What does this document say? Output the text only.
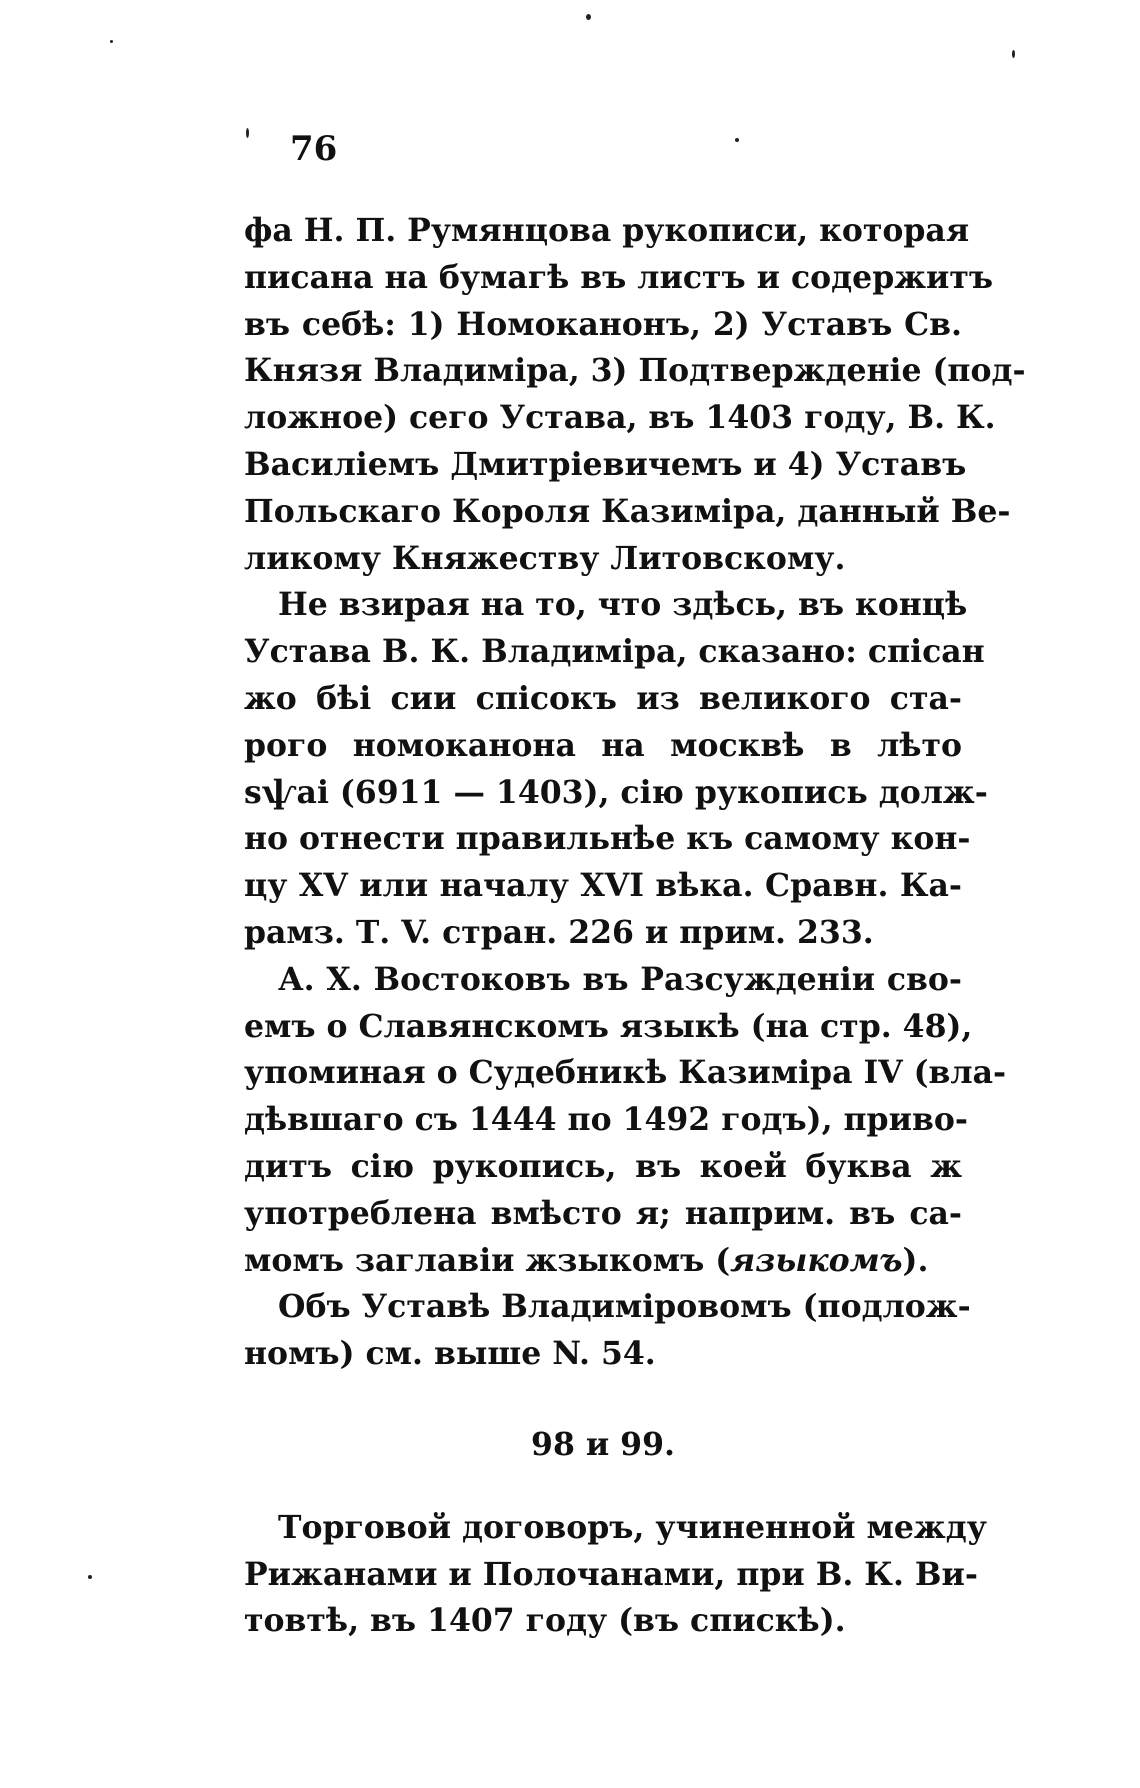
76
фа Н. П. Румянцова рукописи, которая
писана на бумагѣ въ листъ и содержитъ
въ себѣ: 1) Номоканонъ, 2) Уставъ Св.
Князя Владиміра, 3) Подтвержденіе (под-
ложное) сего Устава, въ 1403 году, В. К.
Василіемъ Дмитріевичемъ и 4) Уставъ
Польскаго Короля Казиміра, данный Ве-
ликому Княжеству Литовскому.
Не взирая на то, что здѣсь, въ концѣ
Устава В. К. Владиміра, сказано: спісан
жо бѣі сии спісокъ из великого ста-
рого номоканона на москвѣ в лѣто
ѕѱаі (6911 — 1403), сію рукопись долж-
но отнести правильнѣе къ самому кон-
цу XV или началу XVI вѣка. Сравн. Ка-
рамз. Т. V. стран. 226 и прим. 233.
А. Х. Востоковъ въ Разсужденіи сво-
емъ о Славянскомъ языкѣ (на стр. 48),
упоминая о Судебникѣ Казиміра IV (вла-
дѣвшаго съ 1444 по 1492 годъ), приво-
дитъ сію рукопись, въ коей буква ж
употреблена вмѣсто я; наприм. въ са-
момъ заглавіи жзыкомъ (языкомъ).
Объ Уставѣ Владиміровомъ (подлож-
номъ) см. выше N. 54.
98 и 99.
Торговой договоръ, учиненной между
Рижанами и Полочанами, при В. К. Ви-
товтѣ, въ 1407 году (въ спискѣ).
